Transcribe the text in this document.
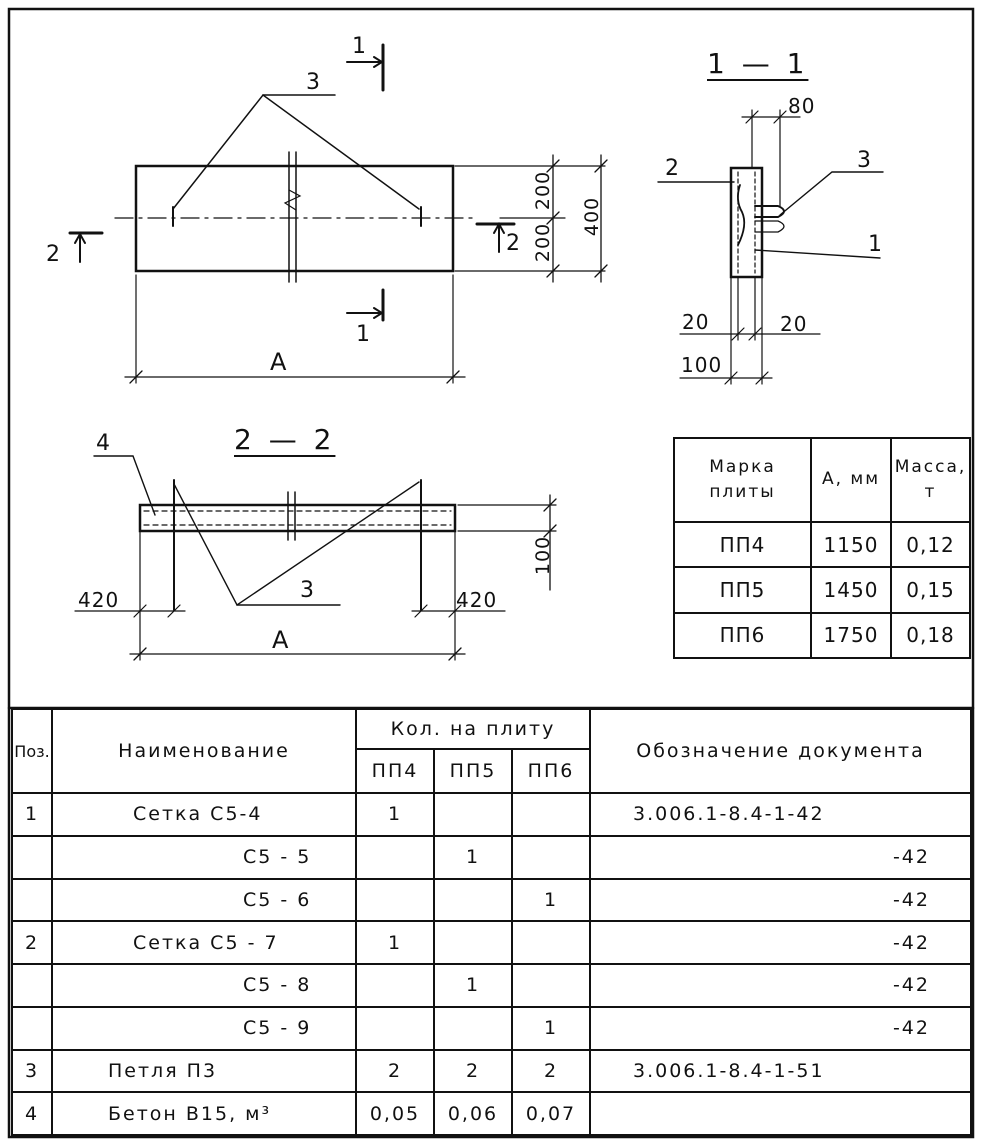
3
1
1
2	2
200
200
400
А
1 — 1
80
2	3
1
20	20
100
2 — 2
4
3
420	420
100
А
Марка плиты	А, мм	Масса, т
ПП4	1150	0,12
ПП5	1450	0,15
ПП6	1750	0,18
Поз.	Наименование	Кол. на плиту			Обозначение документа
		ПП4	ПП5	ПП6	
1	Сетка С5-4	1			3.006.1-8.4-1-42
	С5 - 5		1		-42
	С5 - 6			1	-42
2	Сетка С5 - 7	1			-42
	С5 - 8		1		-42
	С5 - 9			1	-42
3	Петля П3	2	2	2	3.006.1-8.4-1-51
4	Бетон В15, м³	0,05	0,06	0,07	
